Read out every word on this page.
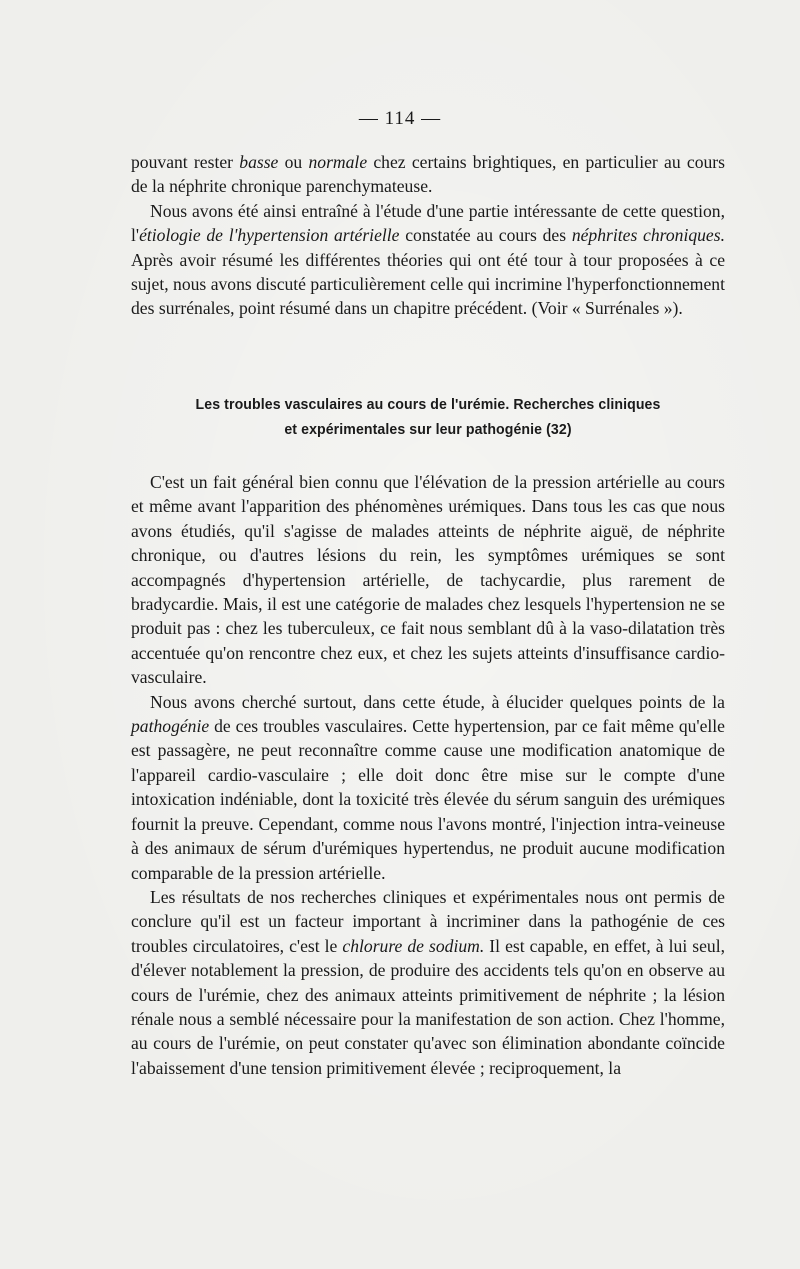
— 114 —

pouvant rester basse ou normale chez certains brightiques, en particulier au cours de la néphrite chronique parenchymateuse.

Nous avons été ainsi entraîné à l'étude d'une partie intéressante de cette question, l'étiologie de l'hypertension artérielle constatée au cours des néphrites chroniques. Après avoir résumé les différentes théories qui ont été tour à tour proposées à ce sujet, nous avons discuté particulièrement celle qui incrimine l'hyperfonctionnement des surrénales, point résumé dans un chapitre précédent. (Voir « Surrénales »).

Les troubles vasculaires au cours de l'urémie. Recherches cliniques
et expérimentales sur leur pathogénie (32)

C'est un fait général bien connu que l'élévation de la pression artérielle au cours et même avant l'apparition des phénomènes urémiques. Dans tous les cas que nous avons étudiés, qu'il s'agisse de malades atteints de néphrite aiguë, de néphrite chronique, ou d'autres lésions du rein, les symptômes urémiques se sont accompagnés d'hypertension artérielle, de tachycardie, plus rarement de bradycardie. Mais, il est une catégorie de malades chez lesquels l'hypertension ne se produit pas : chez les tuberculeux, ce fait nous semblant dû à la vaso-dilatation très accentuée qu'on rencontre chez eux, et chez les sujets atteints d'insuffisance cardio-vasculaire.

Nous avons cherché surtout, dans cette étude, à élucider quelques points de la pathogénie de ces troubles vasculaires. Cette hypertension, par ce fait même qu'elle est passagère, ne peut reconnaître comme cause une modification anatomique de l'appareil cardio-vasculaire ; elle doit donc être mise sur le compte d'une intoxication indéniable, dont la toxicité très élevée du sérum sanguin des urémiques fournit la preuve. Cependant, comme nous l'avons montré, l'injection intra-veineuse à des animaux de sérum d'urémiques hypertendus, ne produit aucune modification comparable de la pression artérielle.

Les résultats de nos recherches cliniques et expérimentales nous ont permis de conclure qu'il est un facteur important à incriminer dans la pathogénie de ces troubles circulatoires, c'est le chlorure de sodium. Il est capable, en effet, à lui seul, d'élever notablement la pression, de produire des accidents tels qu'on en observe au cours de l'urémie, chez des animaux atteints primitivement de néphrite ; la lésion rénale nous a semblé nécessaire pour la manifestation de son action. Chez l'homme, au cours de l'urémie, on peut constater qu'avec son élimination abondante coïncide l'abaissement d'une tension primitivement élevée ; reciproquement, la
